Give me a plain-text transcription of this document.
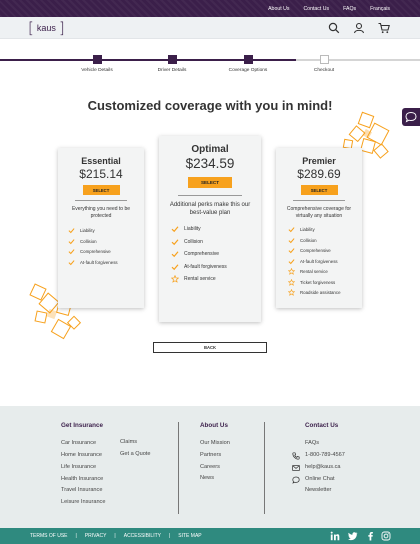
About Us	Contact Us	FAQs	Français
[ kaus ]
Vehicle Details	Driver Details	Coverage Options	Checkout
Customized coverage with you in mind!
Essential
$215.14
SELECT
Everything you need to be protected
Liability
Collision
Comprehensive
At-fault forgiveness
Optimal
$234.59
SELECT
Additional perks make this our best-value plan
Liability
Collision
Comprehensive
At-fault forgiveness
Rental service
Premier
$289.69
SELECT
Comprehensive coverage for virtually any situation
Liability
Collision
Comprehensive
At-fault forgiveness
Rental service
Ticket forgiveness
Roadside assistance
BACK
Get Insurance
Car Insurance
Home Insurance
Life Insurance
Health Insurance
Travel Insurance
Leisure Insurance
Claims
Get a Quote
About Us
Our Mission
Partners
Careers
News
Contact Us
FAQs
1-800-789-4567
help@kaus.ca
Online Chat
Newsletter
TERMS OF USE | PRIVACY | ACCESSIBILITY | SITE MAP
